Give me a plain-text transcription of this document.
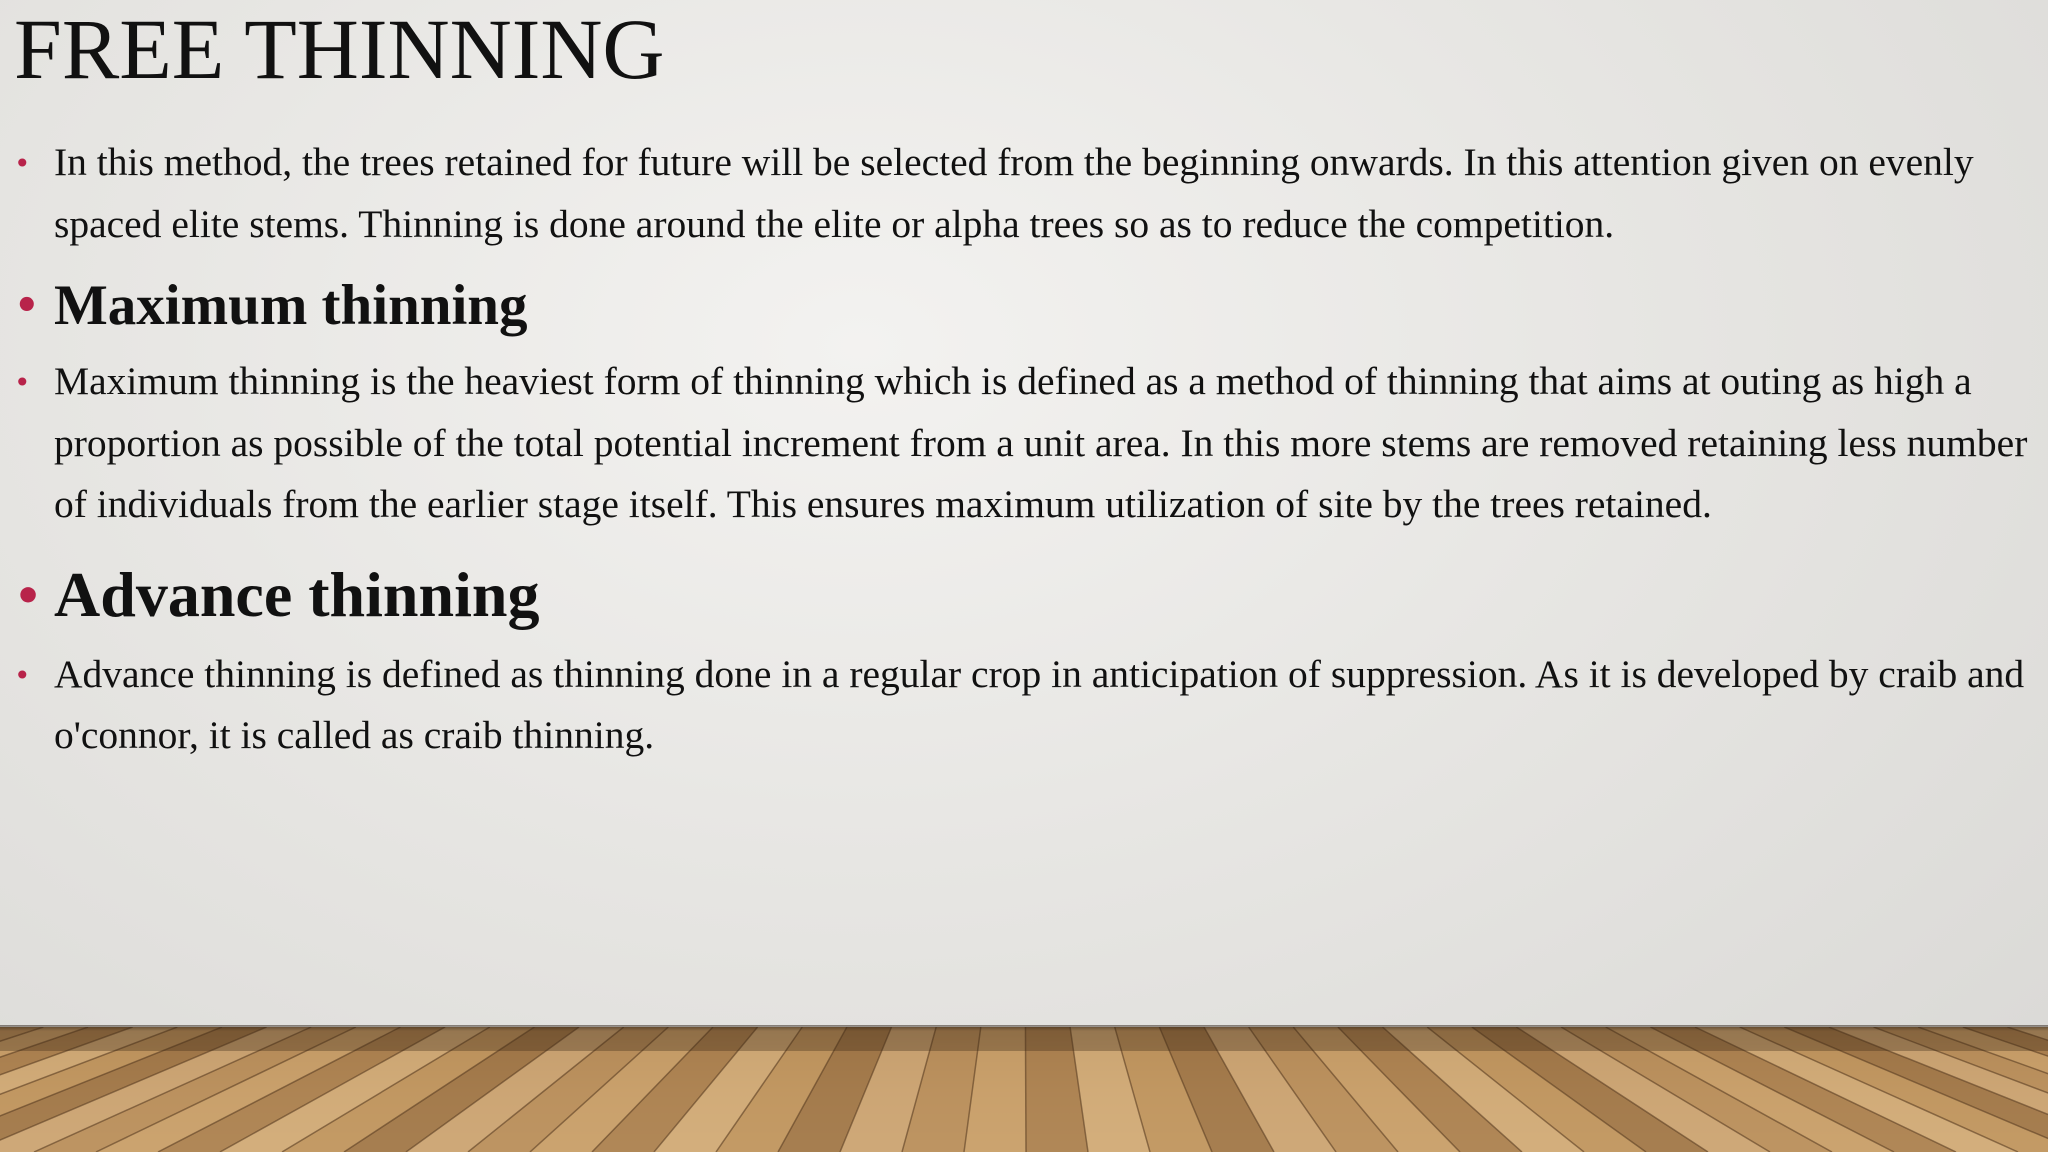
FREE THINNING
• In this method, the trees retained for future will be selected from the beginning onwards. In this attention given on evenly spaced elite stems. Thinning is done around the elite or alpha trees so as to reduce the competition.
• Maximum thinning
• Maximum thinning is the heaviest form of thinning which is defined as a method of thinning that aims at outing as high a proportion as possible of the total potential increment from a unit area. In this more stems are removed retaining less number of individuals from the earlier stage itself. This ensures maximum utilization of site by the trees retained.
• Advance thinning
• Advance thinning is defined as thinning done in a regular crop in anticipation of suppression. As it is developed by craib and o'connor, it is called as craib thinning.
